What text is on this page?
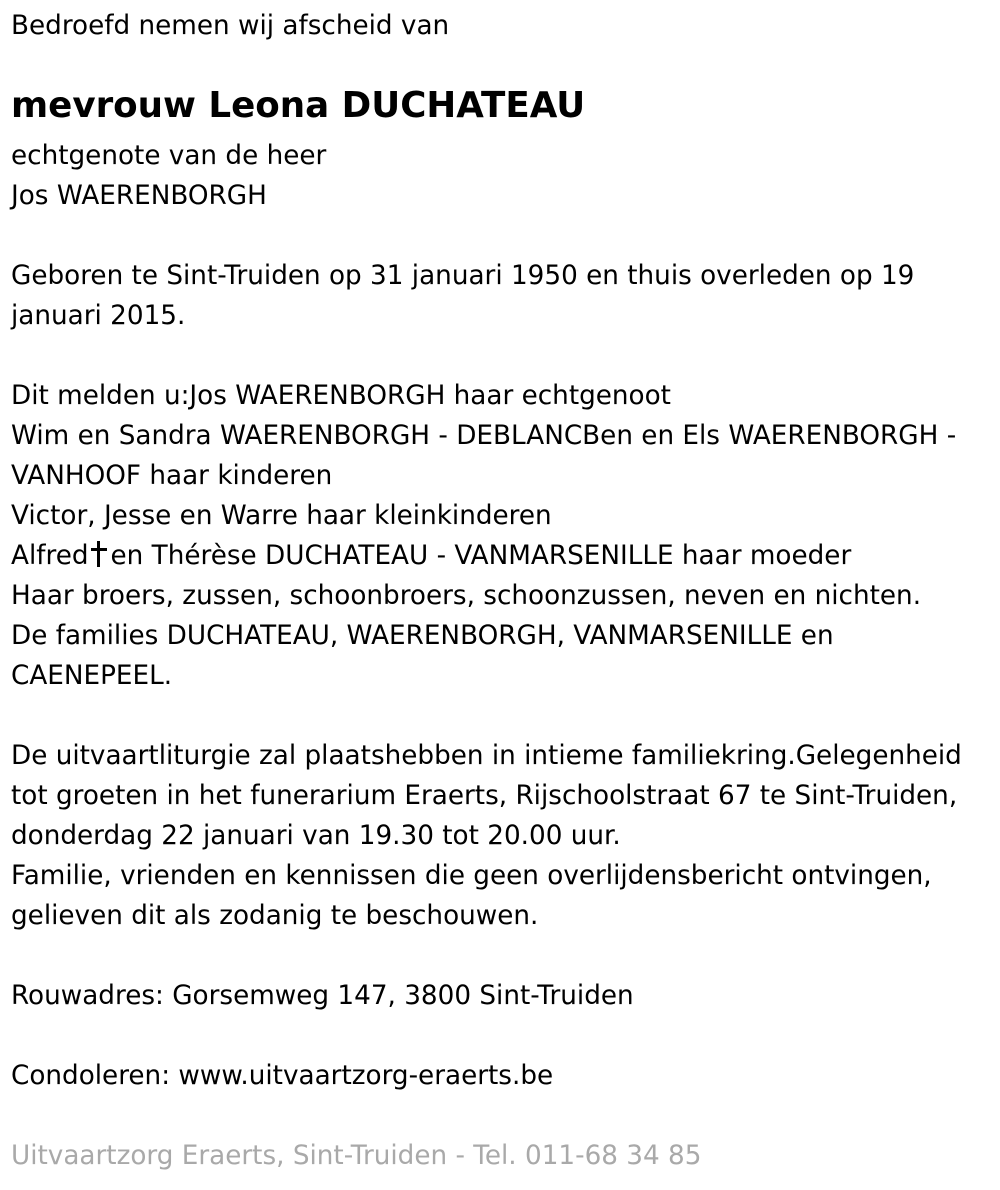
Bedroefd nemen wij afscheid van
mevrouw Leona DUCHATEAU
echtgenote van de heer
Jos WAERENBORGH
Geboren te Sint-Truiden op 31 januari 1950 en thuis overleden op 19
januari 2015.
Dit melden u:Jos WAERENBORGH haar echtgenoot
Wim en Sandra WAERENBORGH - DEBLANCBen en Els WAERENBORGH -
VANHOOF haar kinderen
Victor, Jesse en Warre haar kleinkinderen
Alfred en Thérèse DUCHATEAU - VANMARSENILLE haar moeder
Haar broers, zussen, schoonbroers, schoonzussen, neven en nichten.
De families DUCHATEAU, WAERENBORGH, VANMARSENILLE en
CAENEPEEL.
De uitvaartliturgie zal plaatshebben in intieme familiekring.Gelegenheid
tot groeten in het funerarium Eraerts, Rijschoolstraat 67 te Sint-Truiden,
donderdag 22 januari van 19.30 tot 20.00 uur.
Familie, vrienden en kennissen die geen overlijdensbericht ontvingen,
gelieven dit als zodanig te beschouwen.
Rouwadres: Gorsemweg 147, 3800 Sint-Truiden
Condoleren: www.uitvaartzorg-eraerts.be
Uitvaartzorg Eraerts, Sint-Truiden - Tel. 011-68 34 85
